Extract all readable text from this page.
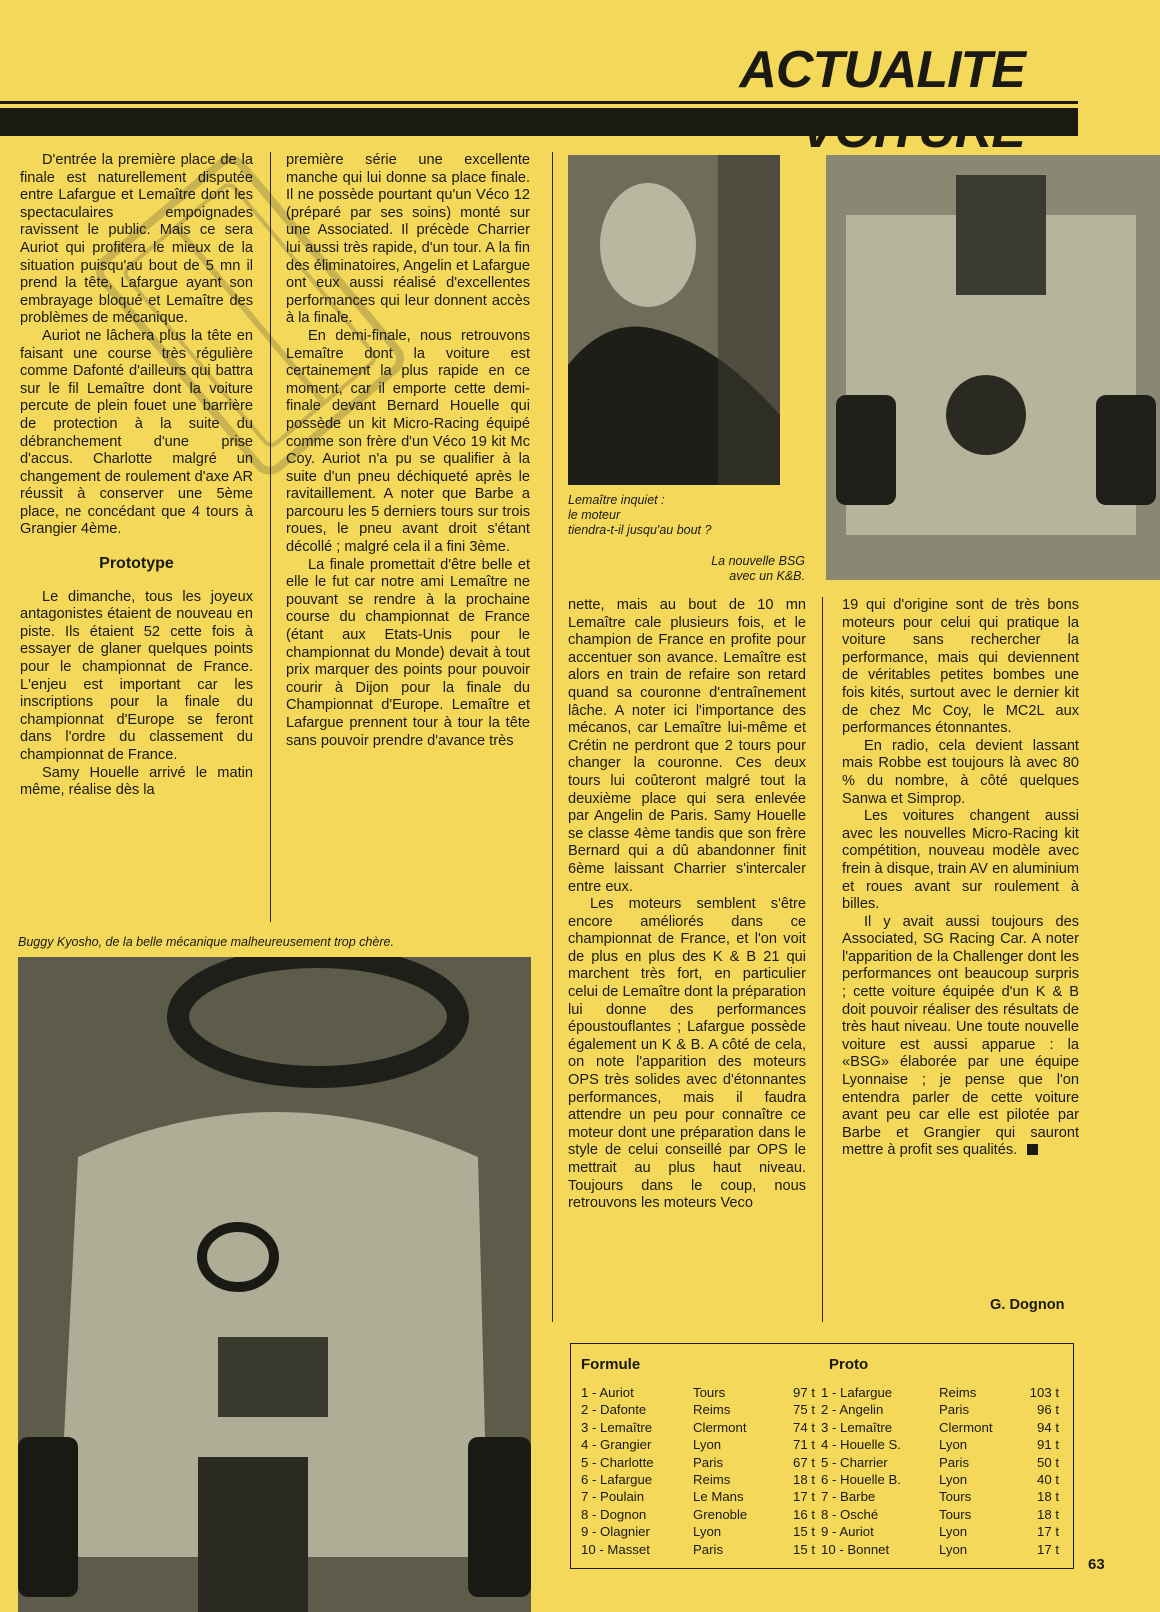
ACTUALITE

D'entrée la première place de la finale est naturellement disputée entre Lafargue et Lemaître dont les spectaculaires empoignades ravissent le public. Mais ce sera Auriot qui profitera le mieux de la situation puisqu'au bout de 5 mn il prend la tête, Lafargue ayant son embrayage bloqué et Lemaître des problèmes de mécanique.

Auriot ne lâchera plus la tête en faisant une course très régulière comme Dafonté d'ailleurs qui battra sur le fil Lemaître dont la voiture percute de plein fouet une barrière de protection à la suite du débranchement d'une prise d'accus. Charlotte malgré un changement de roulement d'axe AR réussit à conserver une 5ème place, ne concédant que 4 tours à Grangier 4ème.

Prototype

Le dimanche, tous les joyeux antagonistes étaient de nouveau en piste. Ils étaient 52 cette fois à essayer de glaner quelques points pour le championnat de France. L'enjeu est important car les inscriptions pour la finale du championnat d'Europe se feront dans l'ordre du classement du championnat de France.

Samy Houelle arrivé le matin même, réalise dès la

première série une excellente manche qui lui donne sa place finale. Il ne possède pourtant qu'un Véco 12 (préparé par ses soins) monté sur une Associated. Il précède Charrier lui aussi très rapide, d'un tour. A la fin des éliminatoires, Angelin et Lafargue ont eux aussi réalisé d'excellentes performances qui leur donnent accès à la finale.

En demi-finale, nous retrouvons Lemaître dont la voiture est certainement la plus rapide en ce moment, car il emporte cette demi-finale devant Bernard Houelle qui possède un kit Micro-Racing équipé comme son frère d'un Véco 19 kit Mc Coy. Auriot n'a pu se qualifier à la suite d'un pneu déchiqueté après le ravitaillement. A noter que Barbe a parcouru les 5 derniers tours sur trois roues, le pneu avant droit s'étant décollé ; malgré cela il a fini 3ème.

La finale promettait d'être belle et elle le fut car notre ami Lemaître ne pouvant se rendre à la prochaine course du championnat de France (étant aux Etats-Unis pour le championnat du Monde) devait à tout prix marquer des points pour pouvoir courir à Dijon pour la finale du Championnat d'Europe. Lemaître et Lafargue prennent tour à tour la tête sans pouvoir prendre d'avance très

Lemaître inquiet :
le moteur
tiendra-t-il jusqu'au bout ?
La nouvelle BSG
avec un K&B.

nette, mais au bout de 10 mn Lemaître cale plusieurs fois, et le champion de France en profite pour accentuer son avance. Lemaître est alors en train de refaire son retard quand sa couronne d'entraînement lâche. A noter ici l'importance des mécanos, car Lemaître lui-même et Crétin ne perdront que 2 tours pour changer la couronne. Ces deux tours lui coûteront malgré tout la deuxième place qui sera enlevée par Angelin de Paris. Samy Houelle se classe 4ème tandis que son frère Bernard qui a dû abandonner finit 6ème laissant Charrier s'intercaler entre eux.

Les moteurs semblent s'être encore améliorés dans ce championnat de France, et l'on voit de plus en plus des K & B 21 qui marchent très fort, en particulier celui de Lemaître dont la préparation lui donne des performances époustouflantes ; Lafargue possède également un K & B. A côté de cela, on note l'apparition des moteurs OPS très solides avec d'étonnantes performances, mais il faudra attendre un peu pour connaître ce moteur dont une préparation dans le style de celui conseillé par OPS le mettrait au plus haut niveau. Toujours dans le coup, nous retrouvons les moteurs Veco

19 qui d'origine sont de très bons moteurs pour celui qui pratique la voiture sans rechercher la performance, mais qui deviennent de véritables petites bombes une fois kités, surtout avec le dernier kit de chez Mc Coy, le MC2L aux performances étonnantes.

En radio, cela devient lassant mais Robbe est toujours là avec 80 % du nombre, à côté quelques Sanwa et Simprop.

Les voitures changent aussi avec les nouvelles Micro-Racing kit compétition, nouveau modèle avec frein à disque, train AV en aluminium et roues avant sur roulement à billes.

Il y avait aussi toujours des Associated, SG Racing Car. A noter l'apparition de la Challenger dont les performances ont beaucoup surpris ; cette voiture équipée d'un K & B doit pouvoir réaliser des résultats de très haut niveau. Une toute nouvelle voiture est aussi apparue : la «BSG» élaborée par une équipe Lyonnaise ; je pense que l'on entendra parler de cette voiture avant peu car elle est pilotée par Barbe et Grangier qui sauront mettre à profit ses qualités.

G. Dognon
Buggy Kyosho, de la belle mécanique malheureusement trop chère.
Formule	Proto
1 - Auriot	Tours	97 t
2 - Dafonte	Reims	75 t
3 - Lemaître	Clermont	74 t
4 - Grangier	Lyon	71 t
5 - Charlotte	Paris	67 t
6 - Lafargue	Reims	18 t
7 - Poulain	Le Mans	17 t
8 - Dognon	Grenoble	16 t
9 - Olagnier	Lyon	15 t
10 - Masset	Paris	15 t
1 - Lafargue	Reims	103 t
2 - Angelin	Paris	96 t
3 - Lemaître	Clermont	94 t
4 - Houelle S.	Lyon	91 t
5 - Charrier	Paris	50 t
6 - Houelle B.	Lyon	40 t
7 - Barbe	Tours	18 t
8 - Osché	Tours	18 t
9 - Auriot	Lyon	17 t
10 - Bonnet	Lyon	17 t
63
